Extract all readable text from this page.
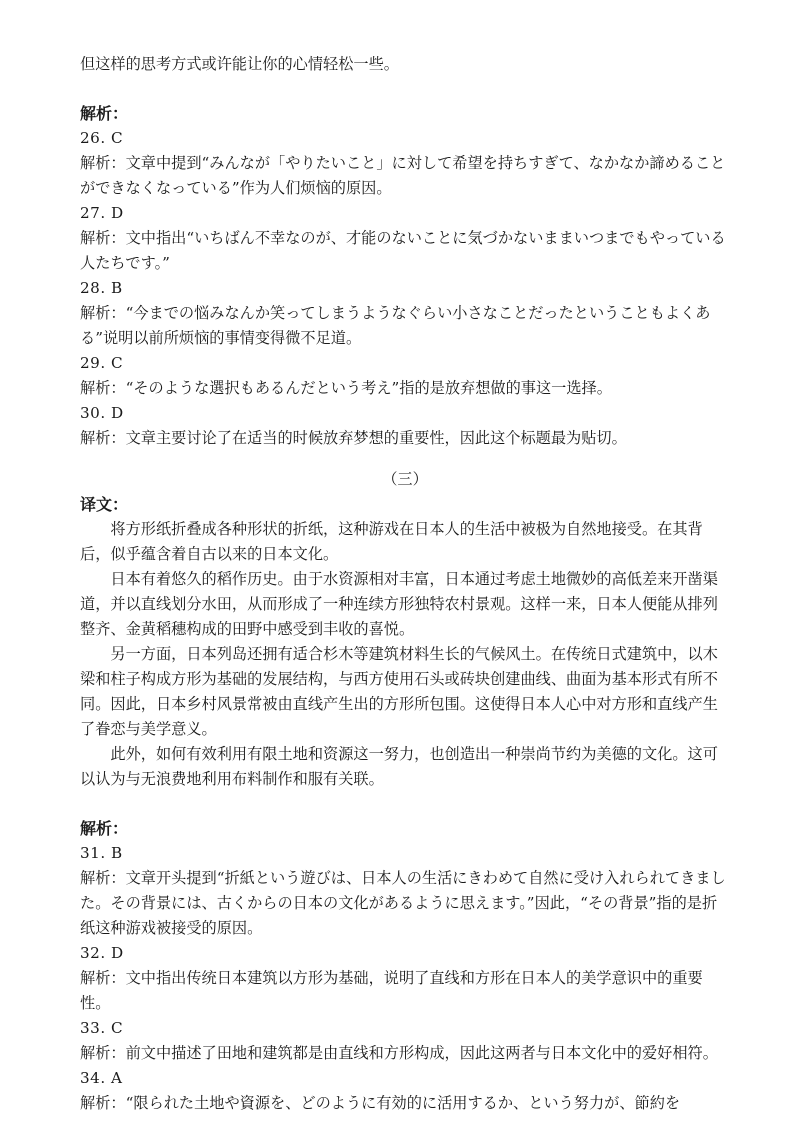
但这样的思考方式或许能让你的心情轻松一些。

解析：

26. C

解析：文章中提到“みんなが「やりたいこと」に対して希望を持ちすぎて、なかなか諦めることができなくなっている”作为人们烦恼的原因。

27. D

解析：文中指出“いちばん不幸なのが、才能のないことに気づかないままいつまでもやっている人たちです。”

28. B

解析：“今までの悩みなんか笑ってしまうようなぐらい小さなことだったということもよくある”说明以前所烦恼的事情变得微不足道。

29. C

解析：“そのような選択もあるんだという考え”指的是放弃想做的事这一选择。

30. D

解析：文章主要讨论了在适当的时候放弃梦想的重要性，因此这个标题最为贴切。

（三）

译文：

将方形纸折叠成各种形状的折纸，这种游戏在日本人的生活中被极为自然地接受。在其背后，似乎蕴含着自古以来的日本文化。

日本有着悠久的稻作历史。由于水资源相对丰富，日本通过考虑土地微妙的高低差来开凿渠道，并以直线划分水田，从而形成了一种连续方形独特农村景观。这样一来，日本人便能从排列整齐、金黄稻穗构成的田野中感受到丰收的喜悦。

另一方面，日本列岛还拥有适合杉木等建筑材料生长的气候风土。在传统日式建筑中，以木梁和柱子构成方形为基础的发展结构，与西方使用石头或砖块创建曲线、曲面为基本形式有所不同。因此，日本乡村风景常被由直线产生出的方形所包围。这使得日本人心中对方形和直线产生了眷恋与美学意义。

此外，如何有效利用有限土地和资源这一努力，也创造出一种崇尚节约为美德的文化。这可以认为与无浪费地利用布料制作和服有关联。

解析：

31. B

解析：文章开头提到“折紙という遊びは、日本人の生活にきわめて自然に受け入れられてきました。その背景には、古くからの日本の文化があるように思えます。”因此，“その背景”指的是折纸这种游戏被接受的原因。

32. D

解析：文中指出传统日本建筑以方形为基础，说明了直线和方形在日本人的美学意识中的重要性。

33. C

解析：前文中描述了田地和建筑都是由直线和方形构成，因此这两者与日本文化中的爱好相符。

34. A

解析：“限られた土地や資源を、どのように有効的に活用するか、という努力が、節約を
